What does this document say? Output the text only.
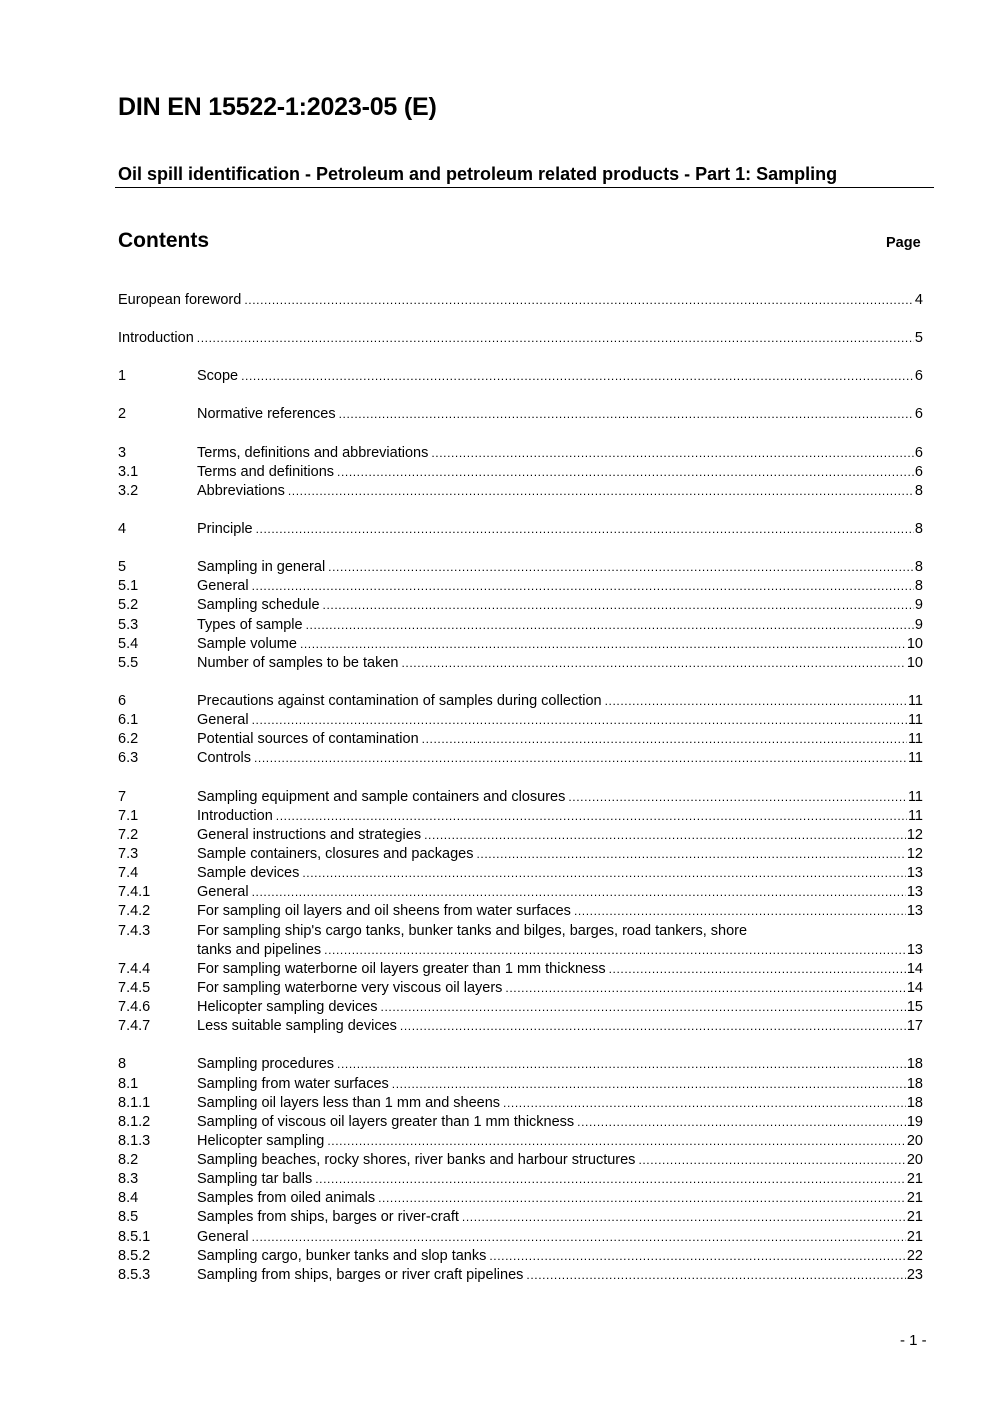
DIN EN 15522-1:2023-05 (E)
Oil spill identification - Petroleum and petroleum related products - Part 1: Sampling
Contents	Page
European foreword .....	4
Introduction .....	5
1	Scope .....	6
2	Normative references .....	6
3	Terms, definitions and abbreviations .....	6
3.1	Terms and definitions .....	6
3.2	Abbreviations .....	8
4	Principle .....	8
5	Sampling in general .....	8
5.1	General .....	8
5.2	Sampling schedule .....	9
5.3	Types of sample .....	9
5.4	Sample volume .....	10
5.5	Number of samples to be taken .....	10
6	Precautions against contamination of samples during collection .....	11
6.1	General .....	11
6.2	Potential sources of contamination .....	11
6.3	Controls .....	11
7	Sampling equipment and sample containers and closures .....	11
7.1	Introduction .....	11
7.2	General instructions and strategies .....	12
7.3	Sample containers, closures and packages .....	12
7.4	Sample devices .....	13
7.4.1	General .....	13
7.4.2	For sampling oil layers and oil sheens from water surfaces .....	13
7.4.3	For sampling ship's cargo tanks, bunker tanks and bilges, barges, road tankers, shore
tanks and pipelines .....	13
7.4.4	For sampling waterborne oil layers greater than 1 mm thickness .....	14
7.4.5	For sampling waterborne very viscous oil layers .....	14
7.4.6	Helicopter sampling devices .....	15
7.4.7	Less suitable sampling devices .....	17
8	Sampling procedures .....	18
8.1	Sampling from water surfaces .....	18
8.1.1	Sampling oil layers less than 1 mm and sheens .....	18
8.1.2	Sampling of viscous oil layers greater than 1 mm thickness .....	19
8.1.3	Helicopter sampling .....	20
8.2	Sampling beaches, rocky shores, river banks and harbour structures .....	20
8.3	Sampling tar balls .....	21
8.4	Samples from oiled animals .....	21
8.5	Samples from ships, barges or river-craft .....	21
8.5.1	General .....	21
8.5.2	Sampling cargo, bunker tanks and slop tanks .....	22
8.5.3	Sampling from ships, barges or river craft pipelines .....	23
- 1 -
